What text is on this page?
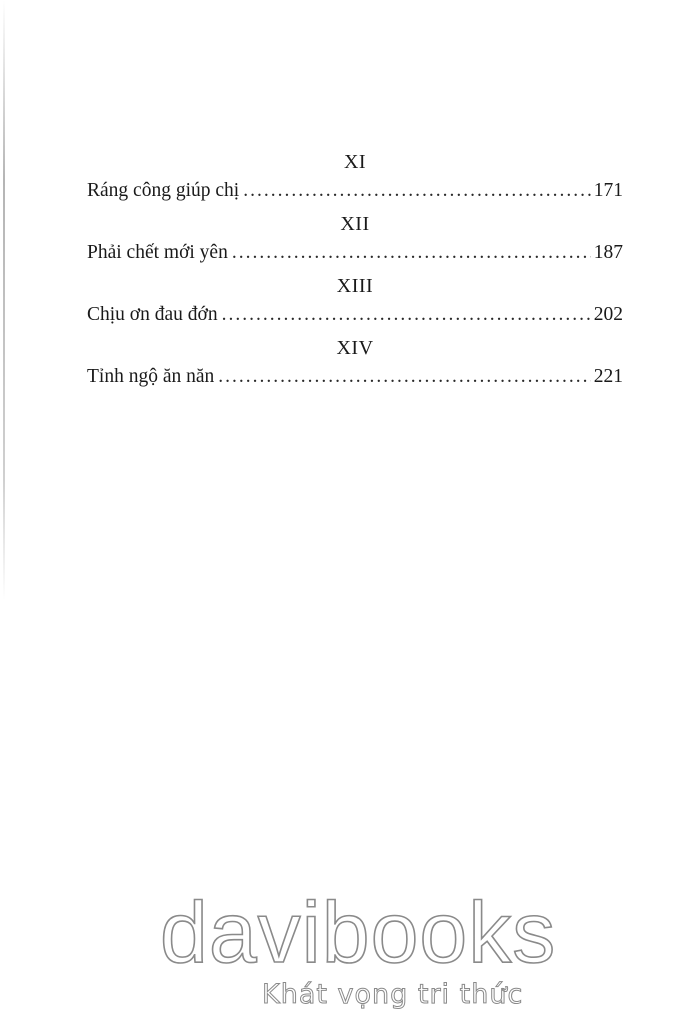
XI
Ráng công giúp chị .....	171
XII
Phải chết mới yên .....	187
XIII
Chịu ơn đau đớn .....	202
XIV
Tỉnh ngộ ăn năn .....	221
davibooks
Khát vọng tri thức
